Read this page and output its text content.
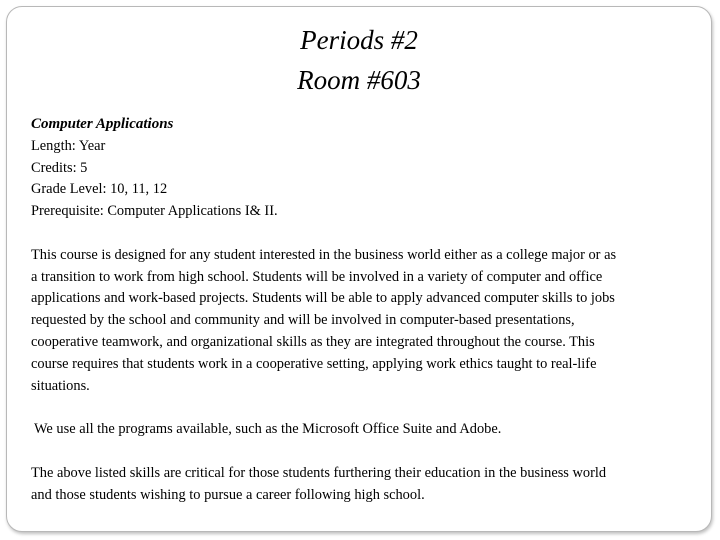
Periods #2
Room #603
Computer Applications
Length: Year
Credits: 5
Grade Level: 10, 11, 12
Prerequisite: Computer Applications I& II.
This course is designed for any student interested in the business world either as a college major or as
a transition to work from high school. Students will be involved in a variety of computer and office
applications and work-based projects. Students will be able to apply advanced computer skills to jobs
requested by the school and community and will be involved in computer-based presentations,
cooperative teamwork, and organizational skills as they are integrated throughout the course. This
course requires that students work in a cooperative setting, applying work ethics taught to real-life
situations.
We use all the programs available, such as the Microsoft Office Suite and Adobe.
The above listed skills are critical for those students furthering their education in the business world
and those students wishing to pursue a career following high school.
